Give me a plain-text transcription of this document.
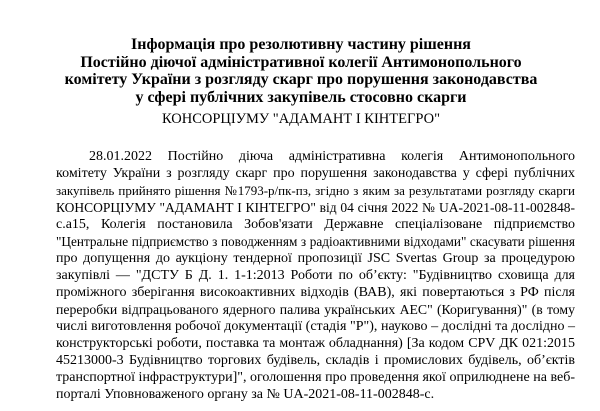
Інформація про резолютивну частину рішення
Постійно діючої адміністративної колегії Антимонопольного
комітету України з розгляду скарг про порушення законодавства
у сфері публічних закупівель стосовно скарги
КОНСОРЦІУМУ "АДАМАНТ І КІНТЕГРО"
28.01.2022 Постійно діюча адміністративна колегія Антимонопольного
комітету України з розгляду скарг про порушення законодавства у сфері публічних
закупівель прийнято рішення №1793-р/пк-пз, згідно з яким за результатами розгляду скарги
КОНСОРЦІУМУ "АДАМАНТ І КІНТЕГРО" від 04 січня 2022 № UA-2021-08-11-002848-
c.a15, Колегія постановила Зобов'язати Державне спеціалізоване підприємство
"Центральне підприємство з поводженням з радіоактивними відходами" скасувати рішення
про допущення до аукціону тендерної пропозиції JSC Svertas Group за процедурою
закупівлі — "ДСТУ Б Д. 1. 1-1:2013 Роботи по об’єкту: "Будівництво сховища для
проміжного зберігання високоактивних відходів (ВАВ), які повертаються з РФ після
переробки відпрацьованого ядерного палива українських АЕС" (Коригування)" (в тому
числі виготовлення робочої документації (стадія "Р"), науково – дослідні та дослідно –
конструкторські роботи, поставка та монтаж обладнання) [За кодом CPV ДК 021:2015
45213000-3 Будівництво торгових будівель, складів і промислових будівель, об’єктів
транспортної інфраструктури]", оголошення про проведення якої оприлюднене на веб-
порталі Уповноваженого органу за № UA-2021-08-11-002848-c.
